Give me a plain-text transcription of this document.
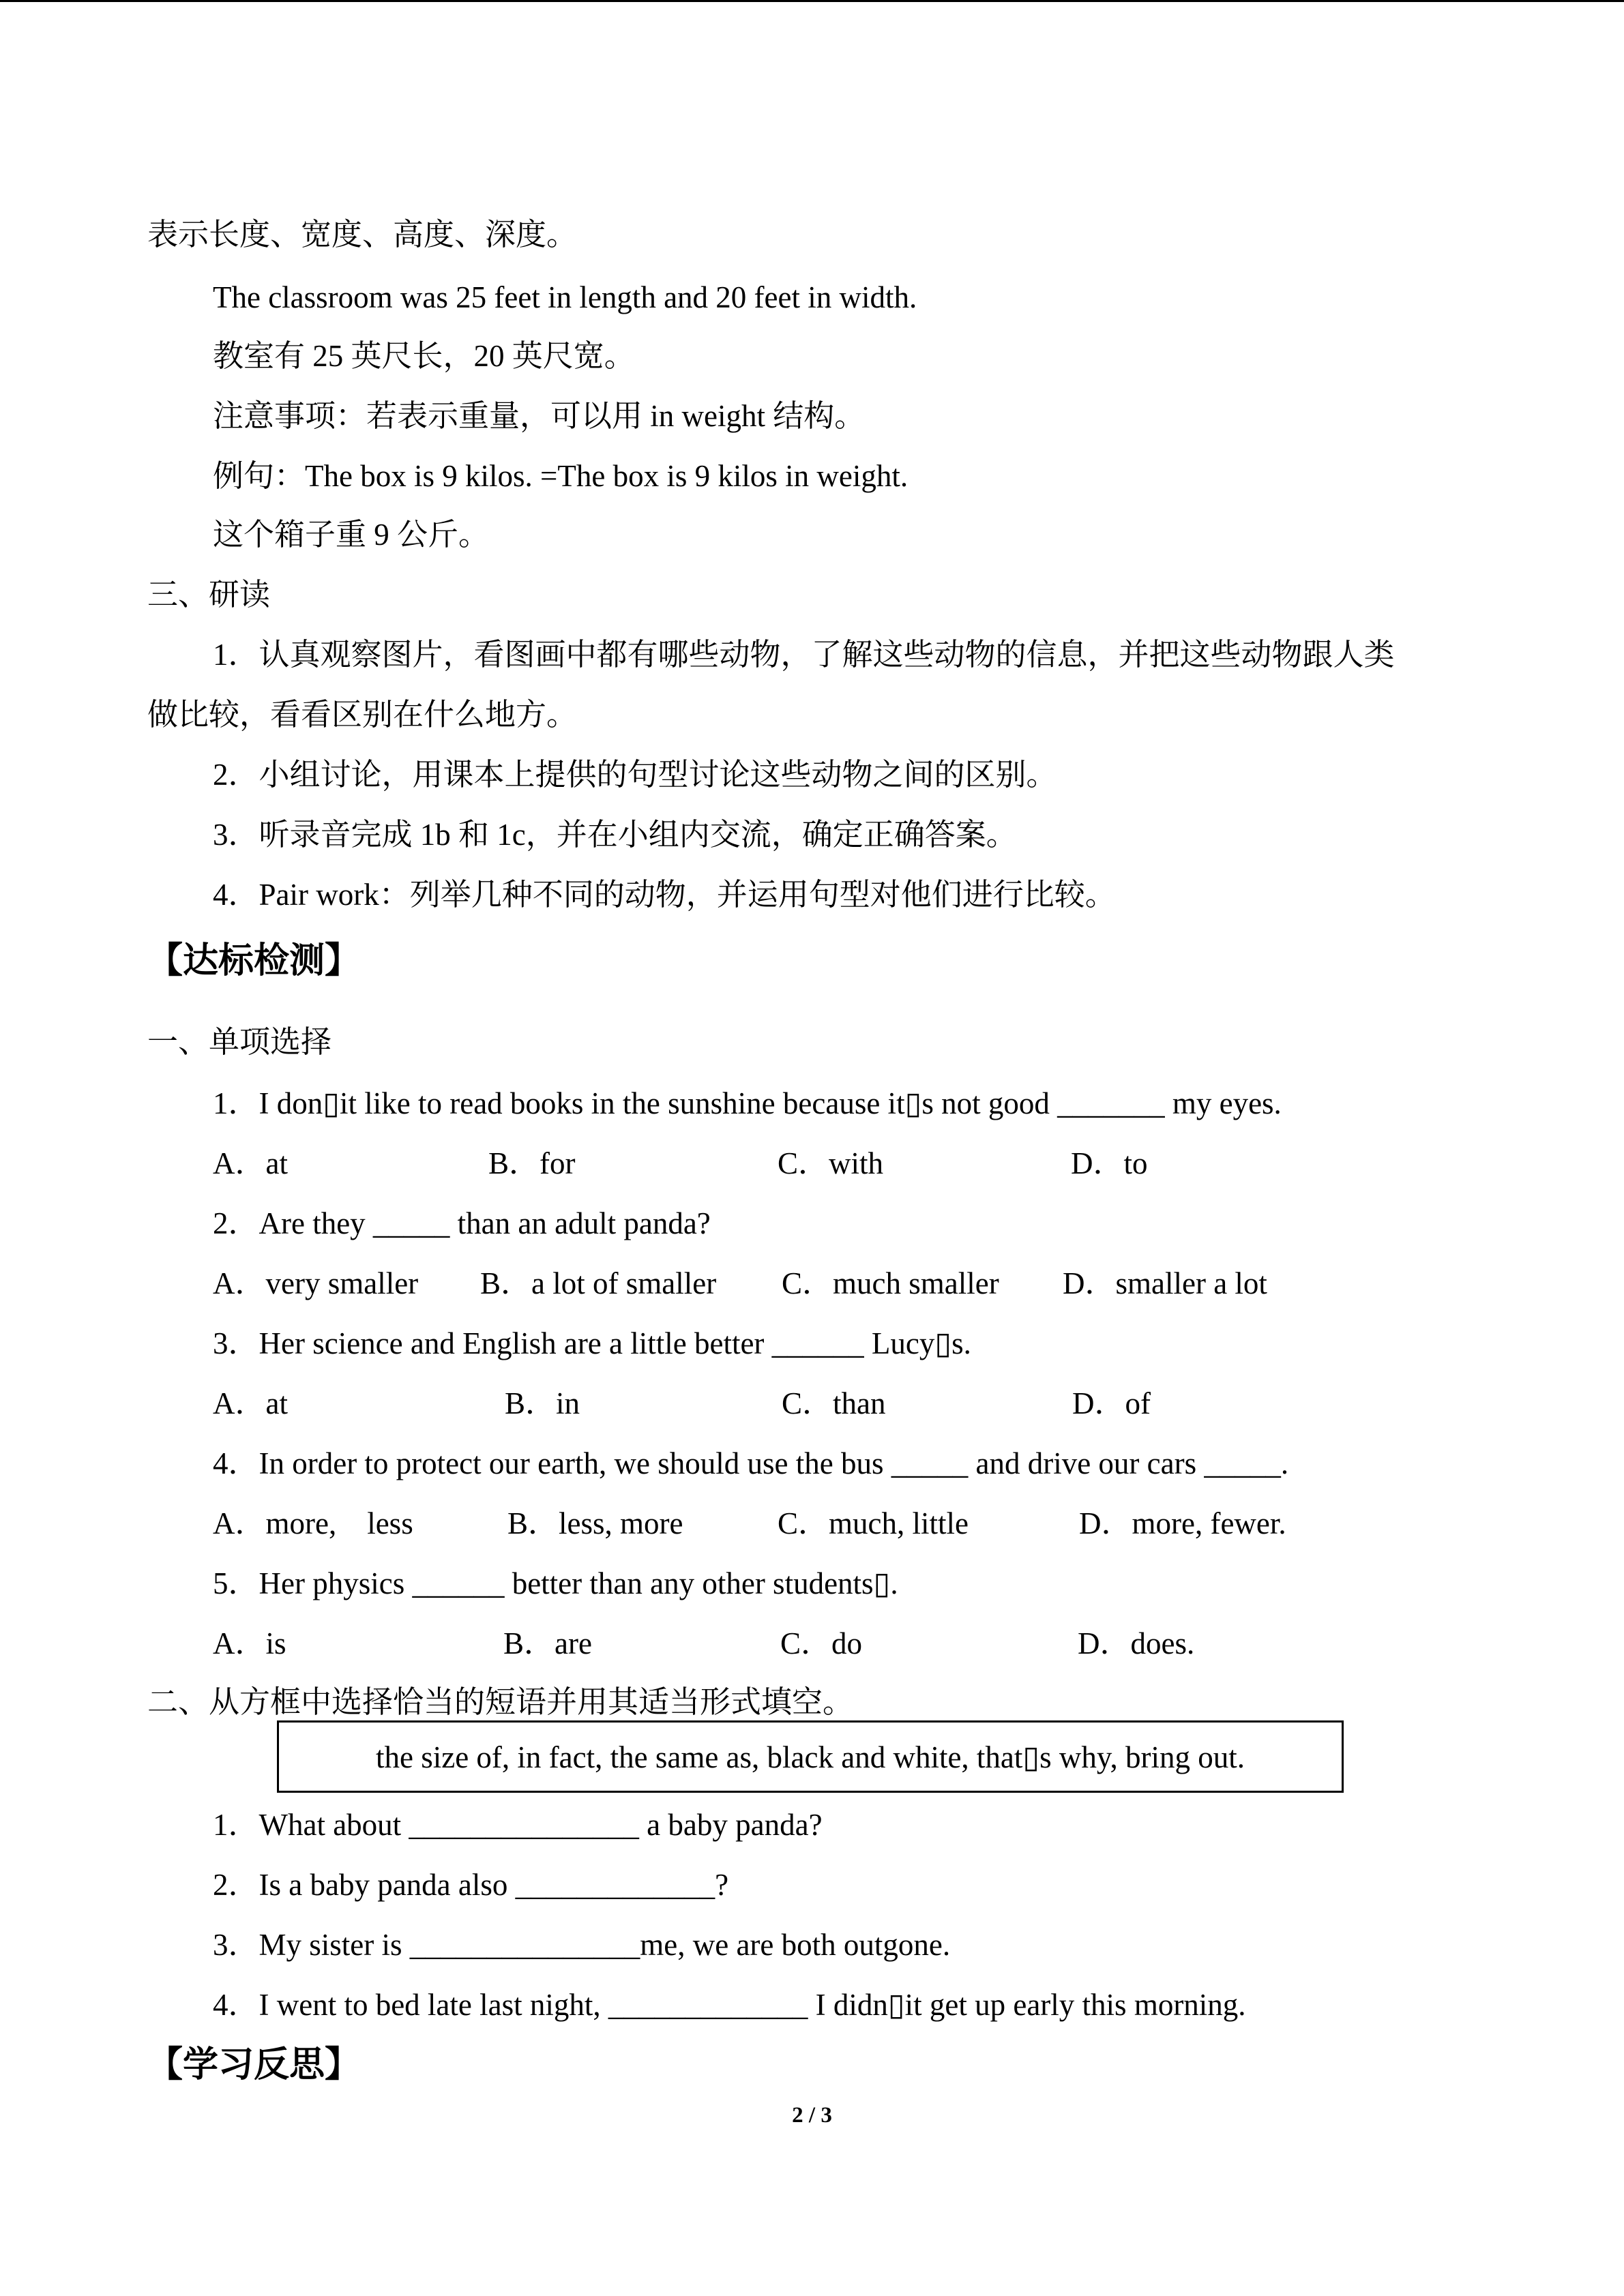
表示长度、宽度、高度、深度。
The classroom was 25 feet in length and 20 feet in width.
教室有 25 英尺长，20 英尺宽。
注意事项：若表示重量，可以用 in weight 结构。
例句：The box is 9 kilos. =The box is 9 kilos in weight.
这个箱子重 9 公斤。
三、研读
1．认真观察图片，看图画中都有哪些动物，了解这些动物的信息，并把这些动物跟人类
做比较，看看区别在什么地方。
2．小组讨论，用课本上提供的句型讨论这些动物之间的区别。
3．听录音完成 1b 和 1c，并在小组内交流，确定正确答案。
4．Pair work：列举几种不同的动物，并运用句型对他们进行比较。
【达标检测】
一、单项选择
1．I don▯it like to read books in the sunshine because it▯s not good _______ my eyes.
A．at	B．for	C．with	D．to
2．Are they _____ than an adult panda?
A．very smaller B．a lot of smaller C．much smaller D．smaller a lot
3．Her science and English are a little better ______ Lucy▯s.
A．at	B．in	C．than	D．of
4．In order to protect our earth, we should use the bus _____ and drive our cars _____.
A．more,    less	B．less, more	C．much, little	D．more, fewer.
5．Her physics ______ better than any other students▯.
A．is	B．are	C．do	D．does.
二、从方框中选择恰当的短语并用其适当形式填空。
the size of, in fact, the same as, black and white, that▯s why, bring out.
1．What about _______________ a baby panda?
2．Is a baby panda also _____________?
3．My sister is _______________me, we are both outgone.
4．I went to bed late last night, _____________ I didn▯it get up early this morning.
【学习反思】
2 / 3
